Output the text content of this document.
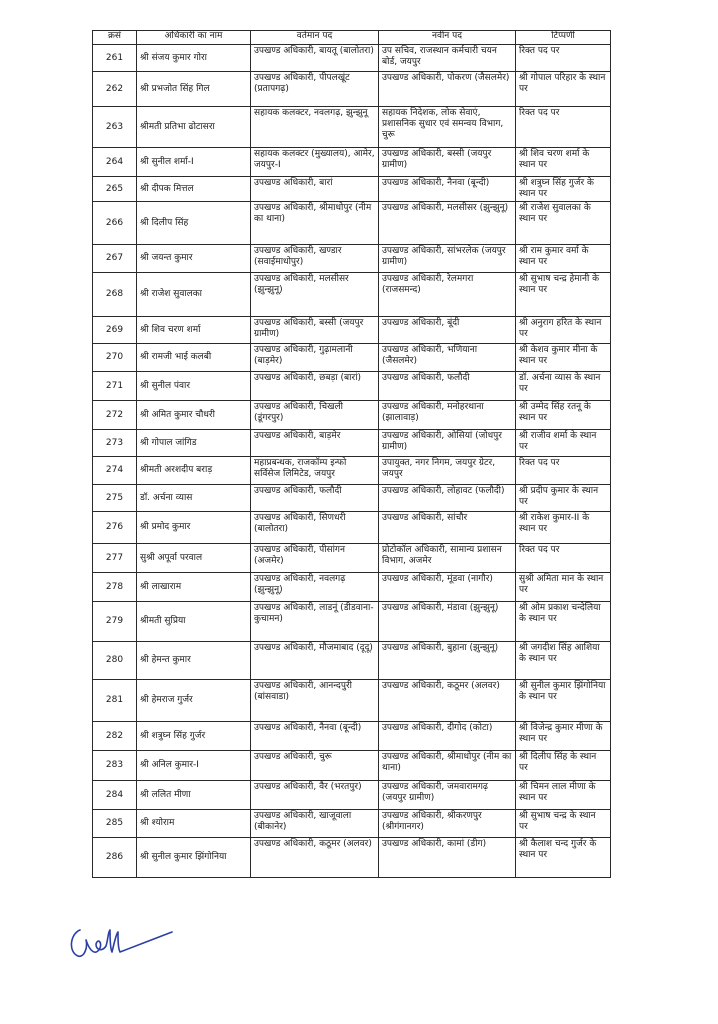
क्रसं	अधिकारी का नाम	वर्तमान पद	नवीन पद	टिप्पणी
261	श्री संजय कुमार गोरा	उपखण्ड अधिकारी, बायतू (बालोतरा)	उप सचिव, राजस्थान कर्मचारी चयन बोर्ड, जयपुर	रिक्त पद पर
262	श्री प्रभजोत सिंह गिल	उपखण्ड अधिकारी, पीपलखूंट (प्रतापगढ़)	उपखण्ड अधिकारी, पोकरण (जैसलमेर)	श्री गोपाल परिहार के स्थान पर
263	श्रीमती प्रतिभा ढोटासरा	सहायक कलक्टर, नवलगढ़, झुन्झुनू	सहायक निदेशक, लोक सेवाएं, प्रशासनिक सुधार एवं समन्वय विभाग, चुरू	रिक्त पद पर
264	श्री सुनील शर्मा-I	सहायक कलक्टर (मुख्यालय), आमेर, जयपुर-I	उपखण्ड अधिकारी, बस्सी (जयपुर ग्रामीण)	श्री शिव चरण शर्मा के स्थान पर
265	श्री दीपक मित्तल	उपखण्ड अधिकारी, बारां	उपखण्ड अधिकारी, नैनवा (बून्दी)	श्री शत्रुघ्न सिंह गुर्जर के स्थान पर
266	श्री दिलीप सिंह	उपखण्ड अधिकारी, श्रीमाधोपुर (नीम का थाना)	उपखण्ड अधिकारी, मलसीसर (झुन्झुनू)	श्री राजेश सुवालका के स्थान पर
267	श्री जयन्त कुमार	उपखण्ड अधिकारी, खण्डार (सवाईमाधोपुर)	उपखण्ड अधिकारी, सांभरलेक (जयपुर ग्रामीण)	श्री राम कुमार वर्मा के स्थान पर
268	श्री राजेश सुवालका	उपखण्ड अधिकारी, मलसीसर (झुन्झुनू)	उपखण्ड अधिकारी, रेलमगरा (राजसमन्द)	श्री सुभाष चन्द्र हेमानी के स्थान पर
269	श्री शिव चरण शर्मा	उपखण्ड अधिकारी, बस्सी (जयपुर ग्रामीण)	उपखण्ड अधिकारी, बूंदी	श्री अनुराग हरित के स्थान पर
270	श्री रामजी भाई कलबी	उपखण्ड अधिकारी, गुढ़ामलानी (बाड़मेर)	उपखण्ड अधिकारी, भणियाना (जैसलमेर)	श्री केशव कुमार मीना के स्थान पर
271	श्री सुनील पंवार	उपखण्ड अधिकारी, छबड़ा (बारां)	उपखण्ड अधिकारी, फलौदी	डॉ. अर्चना व्यास के स्थान पर
272	श्री अमित कुमार चौधरी	उपखण्ड अधिकारी, चिखली (डूंगरपुर)	उपखण्ड अधिकारी, मनोहरथाना (झालावाड़)	श्री उम्मेद सिंह रतनू के स्थान पर
273	श्री गोपाल जांगिड	उपखण्ड अधिकारी, बाड़मेर	उपखण्ड अधिकारी, ओसियां (जोधपुर ग्रामीण)	श्री राजीव शर्मा के स्थान पर
274	श्रीमती अरशदीप बराड़	महाप्रबन्धक, राजकॉम्प इन्फो सर्विसेज लिमिटेड, जयपुर	उपायुक्त, नगर निगम, जयपुर ग्रेटर, जयपुर	रिक्त पद पर
275	डॉ. अर्चना व्यास	उपखण्ड अधिकारी, फलौदी	उपखण्ड अधिकारी, लोहावट (फलौदी)	श्री प्रदीप कुमार के स्थान पर
276	श्री प्रमोद कुमार	उपखण्ड अधिकारी, सिणधरी (बालोतरा)	उपखण्ड अधिकारी, सांचौर	श्री राकेश कुमार-II के स्थान पर
277	सुश्री अपूर्वा परवाल	उपखण्ड अधिकारी, पीसांगन (अजमेर)	प्रोटोकॉल अधिकारी, सामान्य प्रशासन विभाग, अजमेर	रिक्त पद पर
278	श्री लाखाराम	उपखण्ड अधिकारी, नवलगढ़ (झुन्झुनू)	उपखण्ड अधिकारी, मूंडवा (नागौर)	सुश्री अमिता मान के स्थान पर
279	श्रीमती सुप्रिया	उपखण्ड अधिकारी, लाडनूं (डीडवाना-कुचामन)	उपखण्ड अधिकारी, मंडावा (झुन्झुनू)	श्री ओम प्रकाश चन्देलिया के स्थान पर
280	श्री हेमन्त कुमार	उपखण्ड अधिकारी, मौजमाबाद (दूदू)	उपखण्ड अधिकारी, बुहाना (झुन्झुनू)	श्री जगदीश सिंह आशिया के स्थान पर
281	श्री हेमराज गुर्जर	उपखण्ड अधिकारी, आनन्दपुरी (बांसवाडा)	उपखण्ड अधिकारी, कठूमर (अलवर)	श्री सुनील कुमार झिंगोनिया के स्थान पर
282	श्री शत्रुघ्न सिंह गुर्जर	उपखण्ड अधिकारी, नैनवा (बून्दी)	उपखण्ड अधिकारी, दीगोद (कोटा)	श्री विजेन्द्र कुमार मीणा के स्थान पर
283	श्री अनिल कुमार-I	उपखण्ड अधिकारी, चुरू	उपखण्ड अधिकारी, श्रीमाधोपुर (नीम का थाना)	श्री दिलीप सिंह के स्थान पर
284	श्री ललित मीणा	उपखण्ड अधिकारी, वैर (भरतपुर)	उपखण्ड अधिकारी, जमवारामगढ़ (जयपुर ग्रामीण)	श्री चिमन लाल मीणा के स्थान पर
285	श्री श्योराम	उपखण्ड अधिकारी, खाजूवाला (बीकानेर)	उपखण्ड अधिकारी, श्रीकरणपुर (श्रीगंगानगर)	श्री सुभाष चन्द्र के स्थान पर
286	श्री सुनील कुमार झिंगोनिया	उपखण्ड अधिकारी, कठूमर (अलवर)	उपखण्ड अधिकारी, कामां (डीग)	श्री कैलाश चन्द गुर्जर के स्थान पर
